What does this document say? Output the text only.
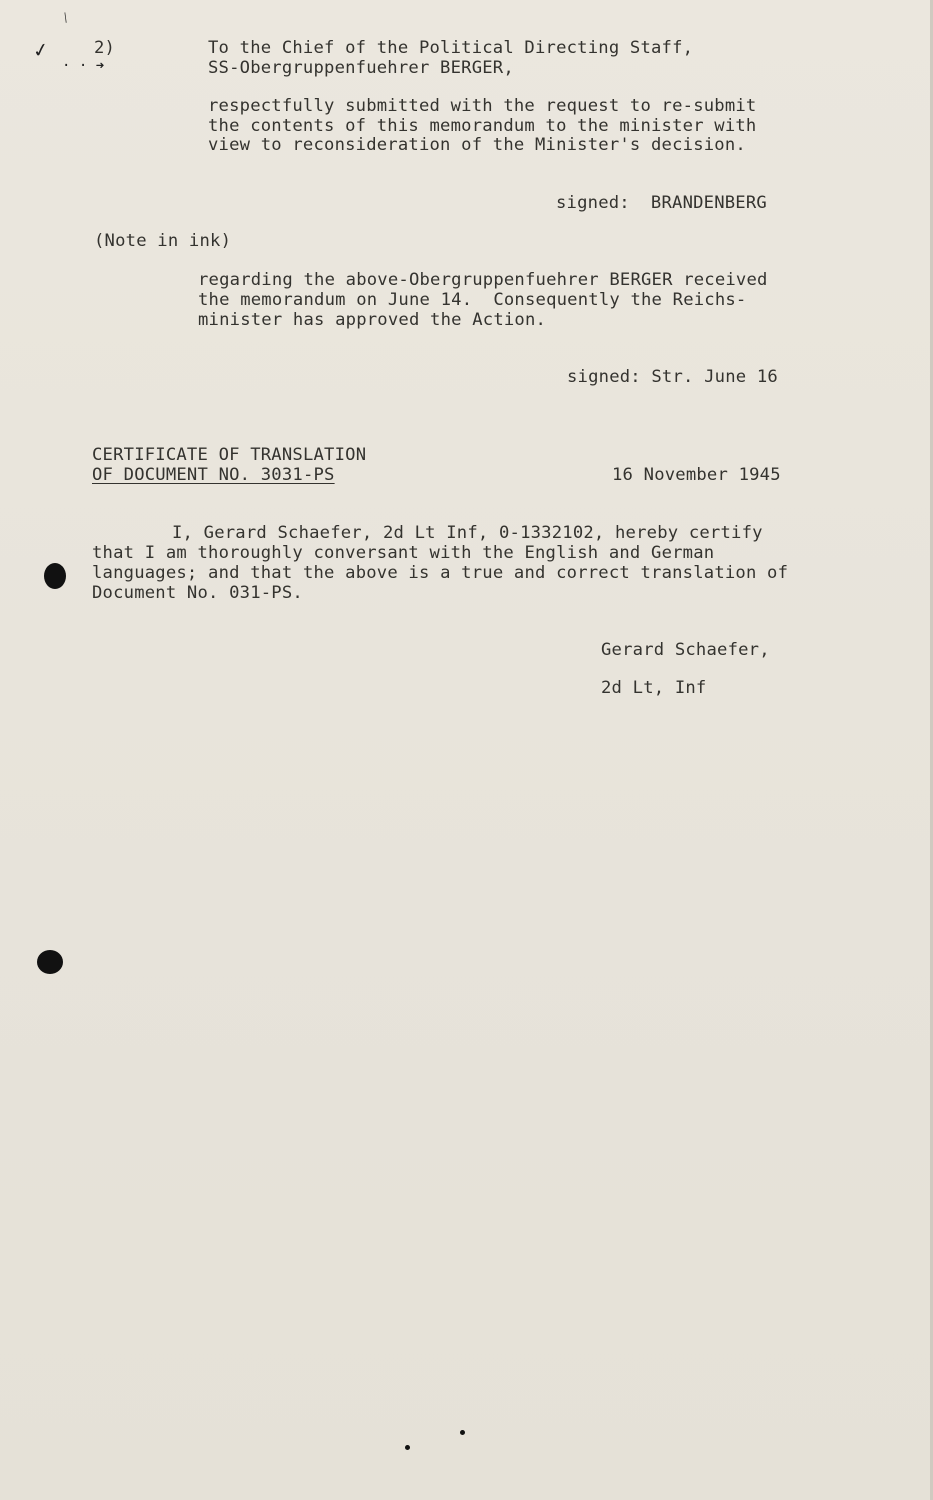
✓
⁄
· · ➜
2)	To the Chief of the Political Directing Staff,
SS-Obergruppenfuehrer BERGER,
respectfully submitted with the request to re-submit
the contents of this memorandum to the minister with
view to reconsideration of the Minister's decision.
signed:  BRANDENBERG
(Note in ink)
regarding the above-Obergruppenfuehrer BERGER received
the memorandum on June 14.  Consequently the Reichs-
minister has approved the Action.
signed: Str. June 16
CERTIFICATE OF TRANSLATION
OF DOCUMENT NO. 3031-PS	16 November 1945
I, Gerard Schaefer, 2d Lt Inf, 0-1332102, hereby certify
that I am thoroughly conversant with the English and German
languages; and that the above is a true and correct translation of
Document No. 031-PS.
Gerard Schaefer,
2d Lt, Inf
